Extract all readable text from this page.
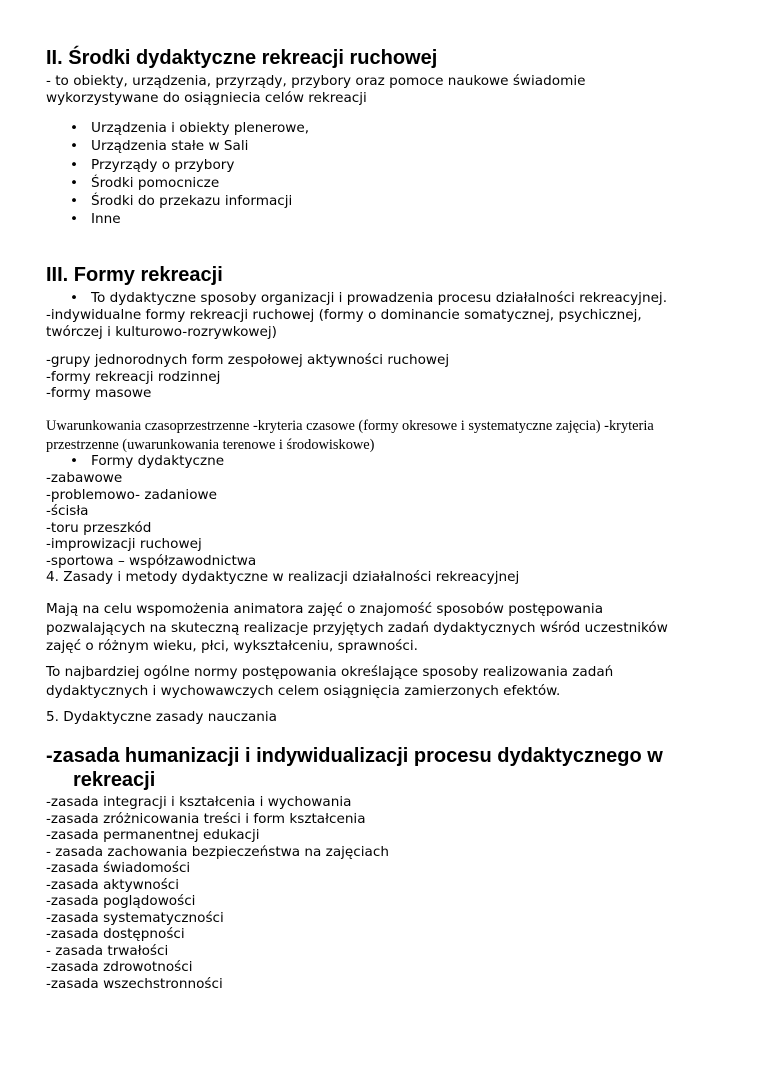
II. Środki dydaktyczne rekreacji ruchowej
- to obiekty, urządzenia, przyrządy, przybory oraz pomoce naukowe świadomie
wykorzystywane do osiągniecia celów rekreacji
• Urządzenia i obiekty plenerowe,
• Urządzenia stałe w Sali
• Przyrządy o przybory
• Środki pomocnicze
• Środki do przekazu informacji
• Inne
III. Formy rekreacji
• To dydaktyczne sposoby organizacji i prowadzenia procesu działalności rekreacyjnej.
-indywidualne formy rekreacji ruchowej (formy o dominancie somatycznej, psychicznej,
twórczej i kulturowo-rozrywkowej)
-grupy jednorodnych form zespołowej aktywności ruchowej
-formy rekreacji rodzinnej
-formy masowe
Uwarunkowania czasoprzestrzenne -kryteria czasowe (formy okresowe i systematyczne zajęcia) -kryteria
przestrzenne (uwarunkowania terenowe i środowiskowe)
• Formy dydaktyczne
-zabawowe
-problemowo- zadaniowe
-ścisła
-toru przeszkód
-improwizacji ruchowej
-sportowa – współzawodnictwa
4. Zasady i metody dydaktyczne w realizacji działalności rekreacyjnej
Mają na celu wspomożenia animatora zajęć o znajomość sposobów postępowania
pozwalających na skuteczną realizacje przyjętych zadań dydaktycznych wśród uczestników
zajęć o różnym wieku, płci, wykształceniu, sprawności.
To najbardziej ogólne normy postępowania określające sposoby realizowania zadań
dydaktycznych i wychowawczych celem osiągnięcia zamierzonych efektów.
5. Dydaktyczne zasady nauczania
-zasada humanizacji i indywidualizacji procesu dydaktycznego w
rekreacji
-zasada integracji i kształcenia i wychowania
-zasada zróżnicowania treści i form kształcenia
-zasada permanentnej edukacji
- zasada zachowania bezpieczeństwa na zajęciach
-zasada świadomości
-zasada aktywności
-zasada poglądowości
-zasada systematyczności
-zasada dostępności
- zasada trwałości
-zasada zdrowotności
-zasada wszechstronności
